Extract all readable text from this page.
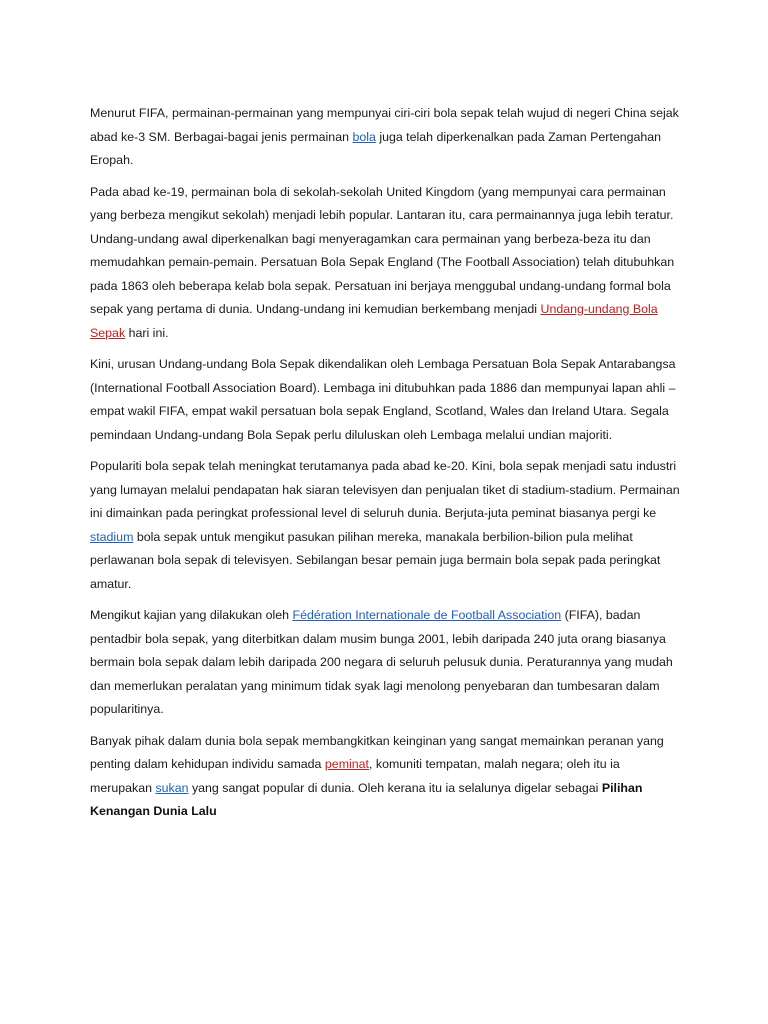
Menurut FIFA, permainan-permainan yang mempunyai ciri-ciri bola sepak telah wujud di negeri China sejak abad ke-3 SM. Berbagai-bagai jenis permainan bola juga telah diperkenalkan pada Zaman Pertengahan Eropah.

Pada abad ke-19, permainan bola di sekolah-sekolah United Kingdom (yang mempunyai cara permainan yang berbeza mengikut sekolah) menjadi lebih popular. Lantaran itu, cara permainannya juga lebih teratur. Undang-undang awal diperkenalkan bagi menyeragamkan cara permainan yang berbeza-beza itu dan memudahkan pemain-pemain. Persatuan Bola Sepak England (The Football Association) telah ditubuhkan pada 1863 oleh beberapa kelab bola sepak. Persatuan ini berjaya menggubal undang-undang formal bola sepak yang pertama di dunia. Undang-undang ini kemudian berkembang menjadi Undang-undang Bola Sepak hari ini.

Kini, urusan Undang-undang Bola Sepak dikendalikan oleh Lembaga Persatuan Bola Sepak Antarabangsa (International Football Association Board). Lembaga ini ditubuhkan pada 1886 dan mempunyai lapan ahli – empat wakil FIFA, empat wakil persatuan bola sepak England, Scotland, Wales dan Ireland Utara. Segala pemindaan Undang-undang Bola Sepak perlu diluluskan oleh Lembaga melalui undian majoriti.

Populariti bola sepak telah meningkat terutamanya pada abad ke-20. Kini, bola sepak menjadi satu industri yang lumayan melalui pendapatan hak siaran televisyen dan penjualan tiket di stadium-stadium. Permainan ini dimainkan pada peringkat professional level di seluruh dunia. Berjuta-juta peminat biasanya pergi ke stadium bola sepak untuk mengikut pasukan pilihan mereka, manakala berbilion-bilion pula melihat perlawanan bola sepak di televisyen. Sebilangan besar pemain juga bermain bola sepak pada peringkat amatur.

Mengikut kajian yang dilakukan oleh Fédération Internationale de Football Association (FIFA), badan pentadbir bola sepak, yang diterbitkan dalam musim bunga 2001, lebih daripada 240 juta orang biasanya bermain bola sepak dalam lebih daripada 200 negara di seluruh pelusuk dunia. Peraturannya yang mudah dan memerlukan peralatan yang minimum tidak syak lagi menolong penyebaran dan tumbesaran dalam popularitinya.

Banyak pihak dalam dunia bola sepak membangkitkan keinginan yang sangat memainkan peranan yang penting dalam kehidupan individu samada peminat, komuniti tempatan, malah negara; oleh itu ia merupakan sukan yang sangat popular di dunia. Oleh kerana itu ia selalunya digelar sebagai Pilihan Kenangan Dunia Lalu
